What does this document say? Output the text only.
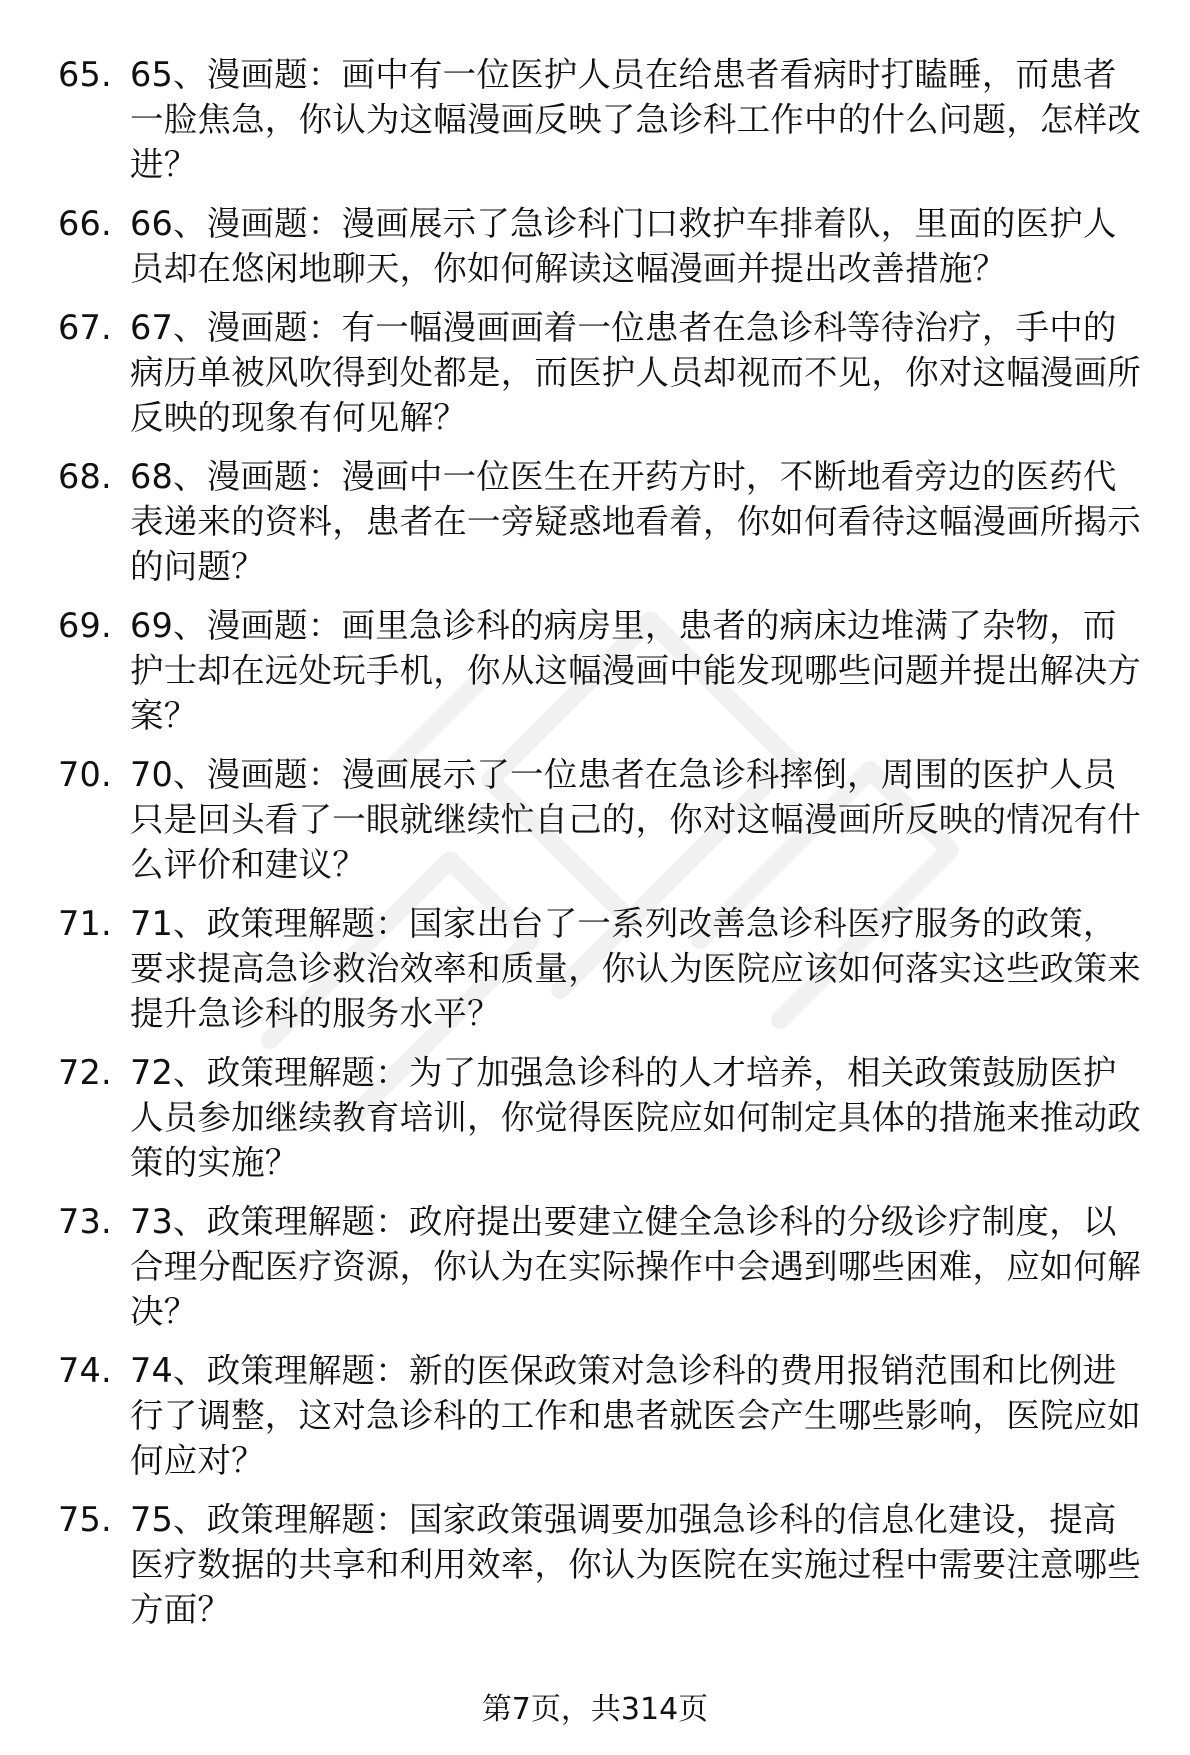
65. 65、漫画题：画中有一位医护人员在给患者看病时打瞌睡，而患者一脸焦急，你认为这幅漫画反映了急诊科工作中的什么问题，怎样改进？
66. 66、漫画题：漫画展示了急诊科门口救护车排着队，里面的医护人员却在悠闲地聊天，你如何解读这幅漫画并提出改善措施？
67. 67、漫画题：有一幅漫画画着一位患者在急诊科等待治疗，手中的病历单被风吹得到处都是，而医护人员却视而不见，你对这幅漫画所反映的现象有何见解？
68. 68、漫画题：漫画中一位医生在开药方时，不断地看旁边的医药代表递来的资料，患者在一旁疑惑地看着，你如何看待这幅漫画所揭示的问题？
69. 69、漫画题：画里急诊科的病房里，患者的病床边堆满了杂物，而护士却在远处玩手机，你从这幅漫画中能发现哪些问题并提出解决方案？
70. 70、漫画题：漫画展示了一位患者在急诊科摔倒，周围的医护人员只是回头看了一眼就继续忙自己的，你对这幅漫画所反映的情况有什么评价和建议？
71. 71、政策理解题：国家出台了一系列改善急诊科医疗服务的政策，要求提高急诊救治效率和质量，你认为医院应该如何落实这些政策来提升急诊科的服务水平？
72. 72、政策理解题：为了加强急诊科的人才培养，相关政策鼓励医护人员参加继续教育培训，你觉得医院应如何制定具体的措施来推动政策的实施？
73. 73、政策理解题：政府提出要建立健全急诊科的分级诊疗制度，以合理分配医疗资源，你认为在实际操作中会遇到哪些困难，应如何解决？
74. 74、政策理解题：新的医保政策对急诊科的费用报销范围和比例进行了调整，这对急诊科的工作和患者就医会产生哪些影响，医院应如何应对？
75. 75、政策理解题：国家政策强调要加强急诊科的信息化建设，提高医疗数据的共享和利用效率，你认为医院在实施过程中需要注意哪些方面？
第7页，共314页
